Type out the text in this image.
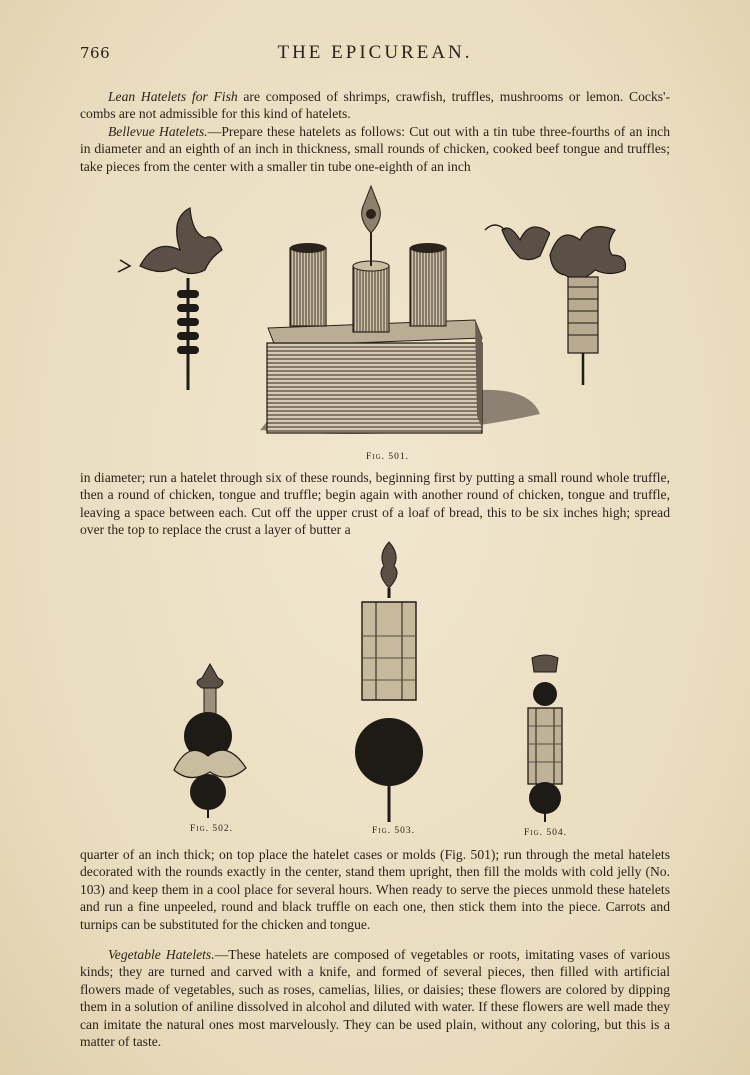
766	THE EPICUREAN.

Lean Hatelets for Fish are composed of shrimps, crawfish, truffles, mushrooms or lemon. Cocks'-combs are not admissible for this kind of hatelets.

Bellevue Hatelets.—Prepare these hatelets as follows: Cut out with a tin tube three-fourths of an inch in diameter and an eighth of an inch in thickness, small rounds of chicken, cooked beef tongue and truffles; take pieces from the center with a smaller tin tube one-eighth of an inch

Fig. 501.

in diameter; run a hatelet through six of these rounds, beginning first by putting a small round whole truffle, then a round of chicken, tongue and truffle; begin again with another round of chicken, tongue and truffle, leaving a space between each. Cut off the upper crust of a loaf of bread, this to be six inches high; spread over the top to replace the crust a layer of butter a

Fig. 502.	Fig. 503.	Fig. 504.

quarter of an inch thick; on top place the hatelet cases or molds (Fig. 501); run through the metal hatelets decorated with the rounds exactly in the center, stand them upright, then fill the molds with cold jelly (No. 103) and keep them in a cool place for several hours. When ready to serve the pieces unmold these hatelets and run a fine unpeeled, round and black truffle on each one, then stick them into the piece. Carrots and turnips can be substituted for the chicken and tongue.

Vegetable Hatelets.—These hatelets are composed of vegetables or roots, imitating vases of various kinds; they are turned and carved with a knife, and formed of several pieces, then filled with artificial flowers made of vegetables, such as roses, camelias, lilies, or daisies; these flowers are colored by dipping them in a solution of aniline dissolved in alcohol and diluted with water. If these flowers are well made they can imitate the natural ones most marvelously. They can be used plain, without any coloring, but this is a matter of taste.
